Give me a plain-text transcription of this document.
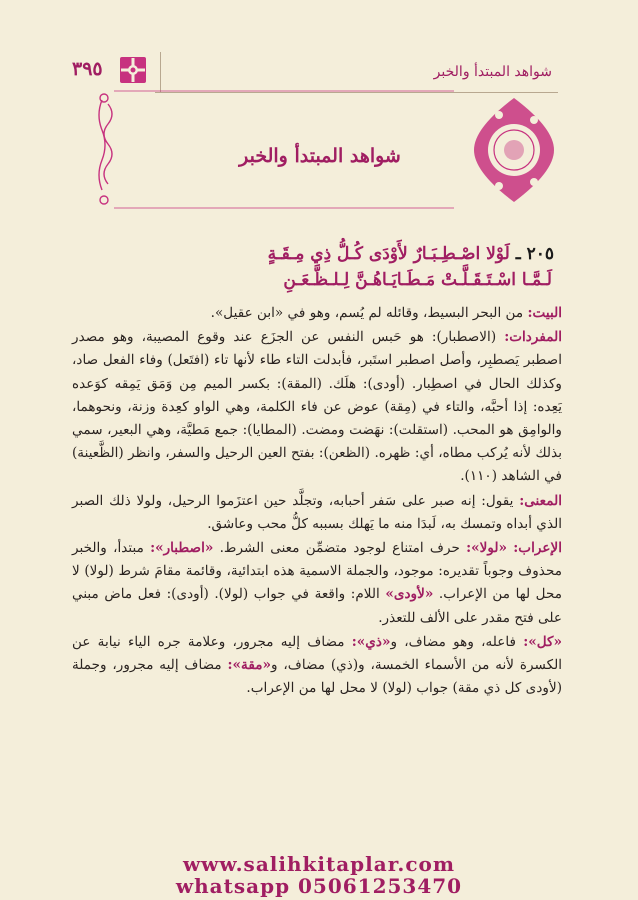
٣٩٥	شواهد المبتدأ والخبر
شواهد المبتدأ والخبر
٢٠٥ ـ لَوْلا اصْـطِـبَـارٌ لأَوْدَى كُـلُّ ذِي مِـقَـةٍ
لَـمَّـا اسْـتَـقَـلَّـتْ مَـطَـايَـاهُـنَّ لِـلـظَّـعَـنِ

البيت: من البحر البسيط، وقائله لم يُسم، وهو في «ابن عقيل».

المفردات: (الاصطبار): هو حَبس النفس عن الجزَع عند وقوع المصيبة، وهو مصدر اصطبر يَصطبِر، وأصل اصطبر استَبر، فأبدلت التاء طاء لأنها تاء (افتَعل) وفاء الفعل صاد، وكذلك الحال في اصطِبار. (أودى): هلَك. (المقة): بكسر الميم مِن وَمَق يَمِقه كوَعده يَعِده: إذا أحبَّه، والتاء في (مِقة) عوض عن فاء الكلمة، وهي الواو كعِدة وزنة، ونحوهما، والوامِق هو المحب. (استقلت): نهَضت ومضت. (المطايا): جمع مَطيَّة، وهي البعير، سمي بذلك لأنه يُركب مطاه، أي: ظهره. (الظعن): بفتح العين الرحيل والسفر، وانظر (الظَّعينة) في الشاهد (١١٠).

المعنى: يقول: إنه صبر على سَفر أحبابه، وتجلَّد حين اعتزَموا الرحيل، ولولا ذلك الصبر الذي أبداه وتمسك به، لَبدَا منه ما يَهلك بسببه كلُّ محب وعاشق.

الإعراب: «لولا»: حرف امتناع لوجود متضمِّن معنى الشرط. «اصطبار»: مبتدأ، والخبر محذوف وجوباً تقديره: موجود، والجملة الاسمية هذه ابتدائية، وقائمة مقامَ شرط (لولا) لا محل لها من الإعراب. «لأودى» اللام: واقعة في جواب (لولا). (أودى): فعل ماض مبني على فتح مقدر على الألف للتعذر.

«كل»: فاعله، وهو مضاف، و«ذي»: مضاف إليه مجرور، وعلامة جره الياء نيابة عن الكسرة لأنه من الأسماء الخمسة، و(ذي) مضاف، و«مقة»: مضاف إليه مجرور، وجملة (لأودى كل ذي مقة) جواب (لولا) لا محل لها من الإعراب.

www.salihkitaplar.com
whatsapp 05061253470
